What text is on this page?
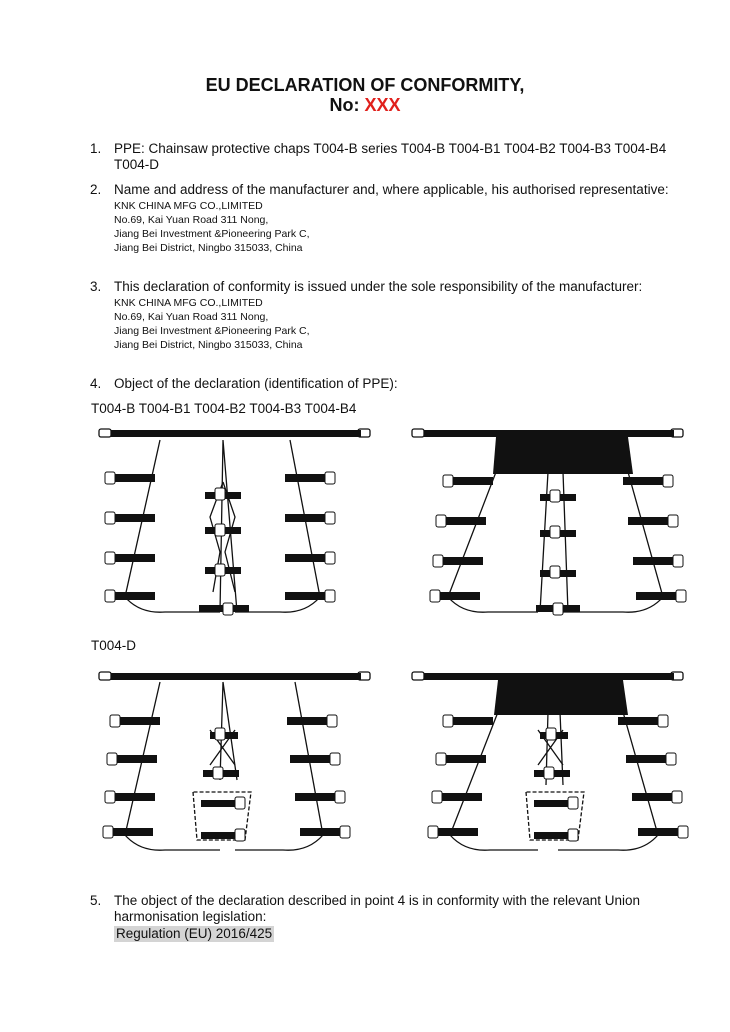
EU DECLARATION OF CONFORMITY,
No: XXX
1. PPE: Chainsaw protective chaps T004-B series T004-B T004-B1 T004-B2 T004-B3 T004-B4 T004-D
2. Name and address of the manufacturer and, where applicable, his authorised representative:
KNK CHINA MFG CO.,LIMITED
No.69, Kai Yuan Road 311 Nong,
Jiang Bei Investment &Pioneering Park C,
Jiang Bei District, Ningbo 315033, China
3. This declaration of conformity is issued under the sole responsibility of the manufacturer:
KNK CHINA MFG CO.,LIMITED
No.69, Kai Yuan Road 311 Nong,
Jiang Bei Investment &Pioneering Park C,
Jiang Bei District, Ningbo 315033, China
4. Object of the declaration (identification of PPE):
T004-B T004-B1 T004-B2 T004-B3 T004-B4
T004-D
5. The object of the declaration described in point 4 is in conformity with the relevant Union harmonisation legislation:
Regulation (EU) 2016/425
